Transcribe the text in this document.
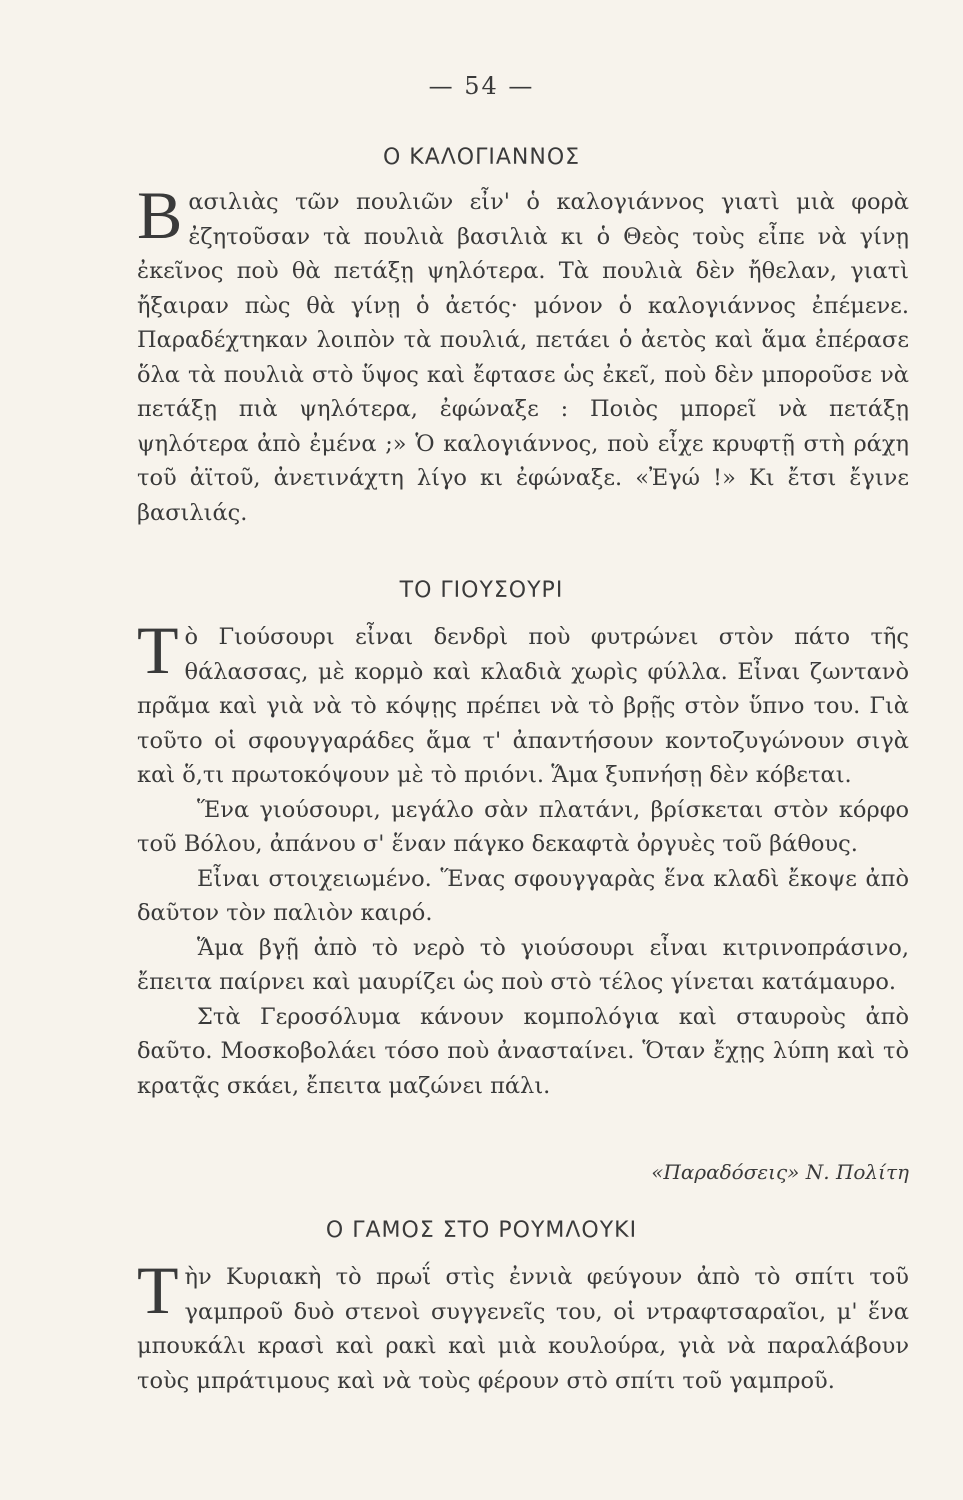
— 54 —
Ο ΚΑΛΟΓΙΑΝΝΟΣ

Βασιλιὰς τῶν πουλιῶν εἶν' ὁ καλογιάννος γιατὶ μιὰ φορὰ ἐζητοῦσαν τὰ πουλιὰ βασιλιὰ κι ὁ Θεὸς τοὺς εἶπε νὰ γίνῃ ἐκεῖνος ποὺ θὰ πετάξῃ ψηλότερα. Τὰ πουλιὰ δὲν ἤθελαν, γιατὶ ἤξαιραν πὼς θὰ γίνῃ ὁ ἀετός· μόνον ὁ καλογιάννος ἐπέμενε. Παραδέχτηκαν λοιπὸν τὰ πουλιά, πετάει ὁ ἀετὸς καὶ ἅμα ἐπέρασε ὅλα τὰ πουλιὰ στὸ ὕψος καὶ ἔφτασε ὡς ἐκεῖ, ποὺ δὲν μποροῦσε νὰ πετάξῃ πιὰ ψηλότερα, ἐφώναξε : Ποιὸς μπορεῖ νὰ πετάξῃ ψηλότερα ἀπὸ ἐμένα ;» Ὁ καλογιάννος, ποὺ εἶχε κρυφτῇ στὴ ράχη τοῦ ἀϊτοῦ, ἀνετινάχτη λίγο κι ἐφώναξε. «Ἐγώ !» Κι ἔτσι ἔγινε βασιλιάς.

ΤΟ ΓΙΟΥΣΟΥΡΙ

Τὸ Γιούσουρι εἶναι δενδρὶ ποὺ φυτρώνει στὸν πάτο τῆς θάλασσας, μὲ κορμὸ καὶ κλαδιὰ χωρὶς φύλλα. Εἶναι ζωντανὸ πρᾶμα καὶ γιὰ νὰ τὸ κόψῃς πρέπει νὰ τὸ βρῇς στὸν ὕπνο του. Γιὰ τοῦτο οἱ σφουγγαράδες ἅμα τ' ἀπαντήσουν κοντοζυγώνουν σιγὰ καὶ ὅ,τι πρωτοκόψουν μὲ τὸ πριόνι. Ἅμα ξυπνήσῃ δὲν κόβεται.

Ἕνα γιούσουρι, μεγάλο σὰν πλατάνι, βρίσκεται στὸν κόρφο τοῦ Βόλου, ἀπάνου σ' ἕναν πάγκο δεκαφτὰ ὀργυὲς τοῦ βάθους.

Εἶναι στοιχειωμένο. Ἕνας σφουγγαρὰς ἕνα κλαδὶ ἔκοψε ἀπὸ δαῦτον τὸν παλιὸν καιρό.

Ἅμα βγῇ ἀπὸ τὸ νερὸ τὸ γιούσουρι εἶναι κιτρινοπράσινο, ἔπειτα παίρνει καὶ μαυρίζει ὡς ποὺ στὸ τέλος γίνεται κατάμαυρο.

Στὰ Γεροσόλυμα κάνουν κομπολόγια καὶ σταυροὺς ἀπὸ δαῦτο. Μοσκοβολάει τόσο ποὺ ἀνασταίνει. Ὅταν ἔχῃς λύπη καὶ τὸ κρατᾷς σκάει, ἔπειτα μαζώνει πάλι.

«Παραδόσεις» Ν. Πολίτη
Ο ΓΑΜΟΣ ΣΤΟ ΡΟΥΜΛΟΥΚΙ

Τὴν Κυριακὴ τὸ πρωΐ στὶς ἐννιὰ φεύγουν ἀπὸ τὸ σπίτι τοῦ γαμπροῦ δυὸ στενοὶ συγγενεῖς του, οἱ ντραφτσαραῖοι, μ' ἕνα μπουκάλι κρασὶ καὶ ρακὶ καὶ μιὰ κουλούρα, γιὰ νὰ παραλάβουν τοὺς μπράτιμους καὶ νὰ τοὺς φέρουν στὸ σπίτι τοῦ γαμπροῦ.
